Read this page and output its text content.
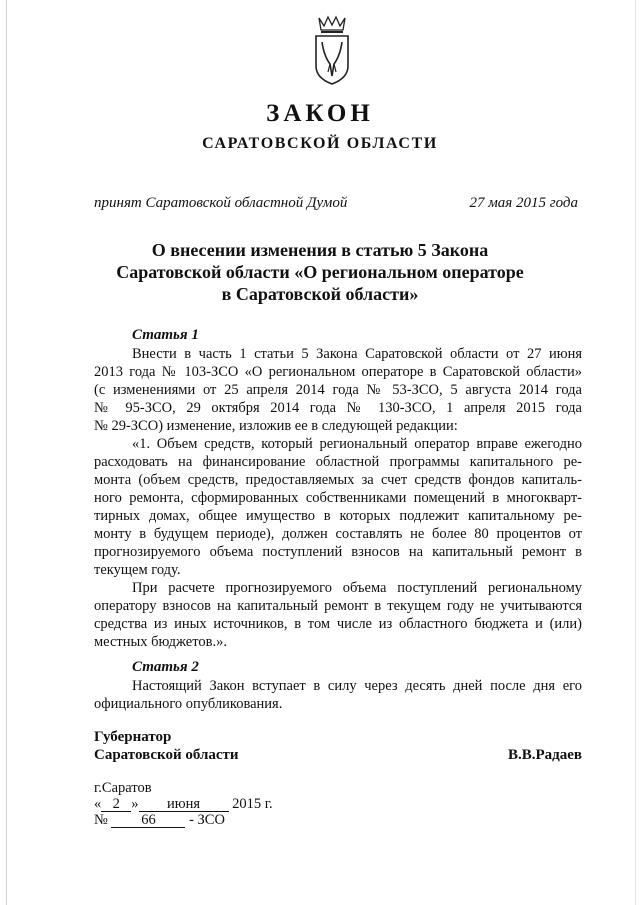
ЗАКОН
САРАТОВСКОЙ ОБЛАСТИ
принят Саратовской областной Думой	27 мая 2015 года
О внесении изменения в статью 5 Закона
Саратовской области «О региональном операторе
в Саратовской области»
Статья 1
Внести в часть 1 статьи 5 Закона Саратовской области от 27 июня
2013 года № 103-ЗСО «О региональном операторе в Саратовской области»
(с изменениями от 25 апреля 2014 года № 53-ЗСО, 5 августа 2014 года
№ 95-ЗСО, 29 октября 2014 года № 130-ЗСО, 1 апреля 2015 года
№ 29-ЗСО) изменение, изложив ее в следующей редакции:
«1. Объем средств, который региональный оператор вправе ежегодно
расходовать на финансирование областной программы капитального ре-
монта (объем средств, предоставляемых за счет средств фондов капиталь-
ного ремонта, сформированных собственниками помещений в многокварт-
тирных домах, общее имущество в которых подлежит капитальному ре-
монту в будущем периоде), должен составлять не более 80 процентов от
прогнозируемого объема поступлений взносов на капитальный ремонт в
текущем году.
При расчете прогнозируемого объема поступлений региональному
оператору взносов на капитальный ремонт в текущем году не учитываются
средства из иных источников, в том числе из областного бюджета и (или)
местных бюджетов.».
Статья 2
Настоящий Закон вступает в силу через десять дней после дня его
официального опубликования.
Губернатор
Саратовской области	В.В.Радаев
г.Саратов
« 2 » июня 2015 г.
№ 66 - ЗСО
